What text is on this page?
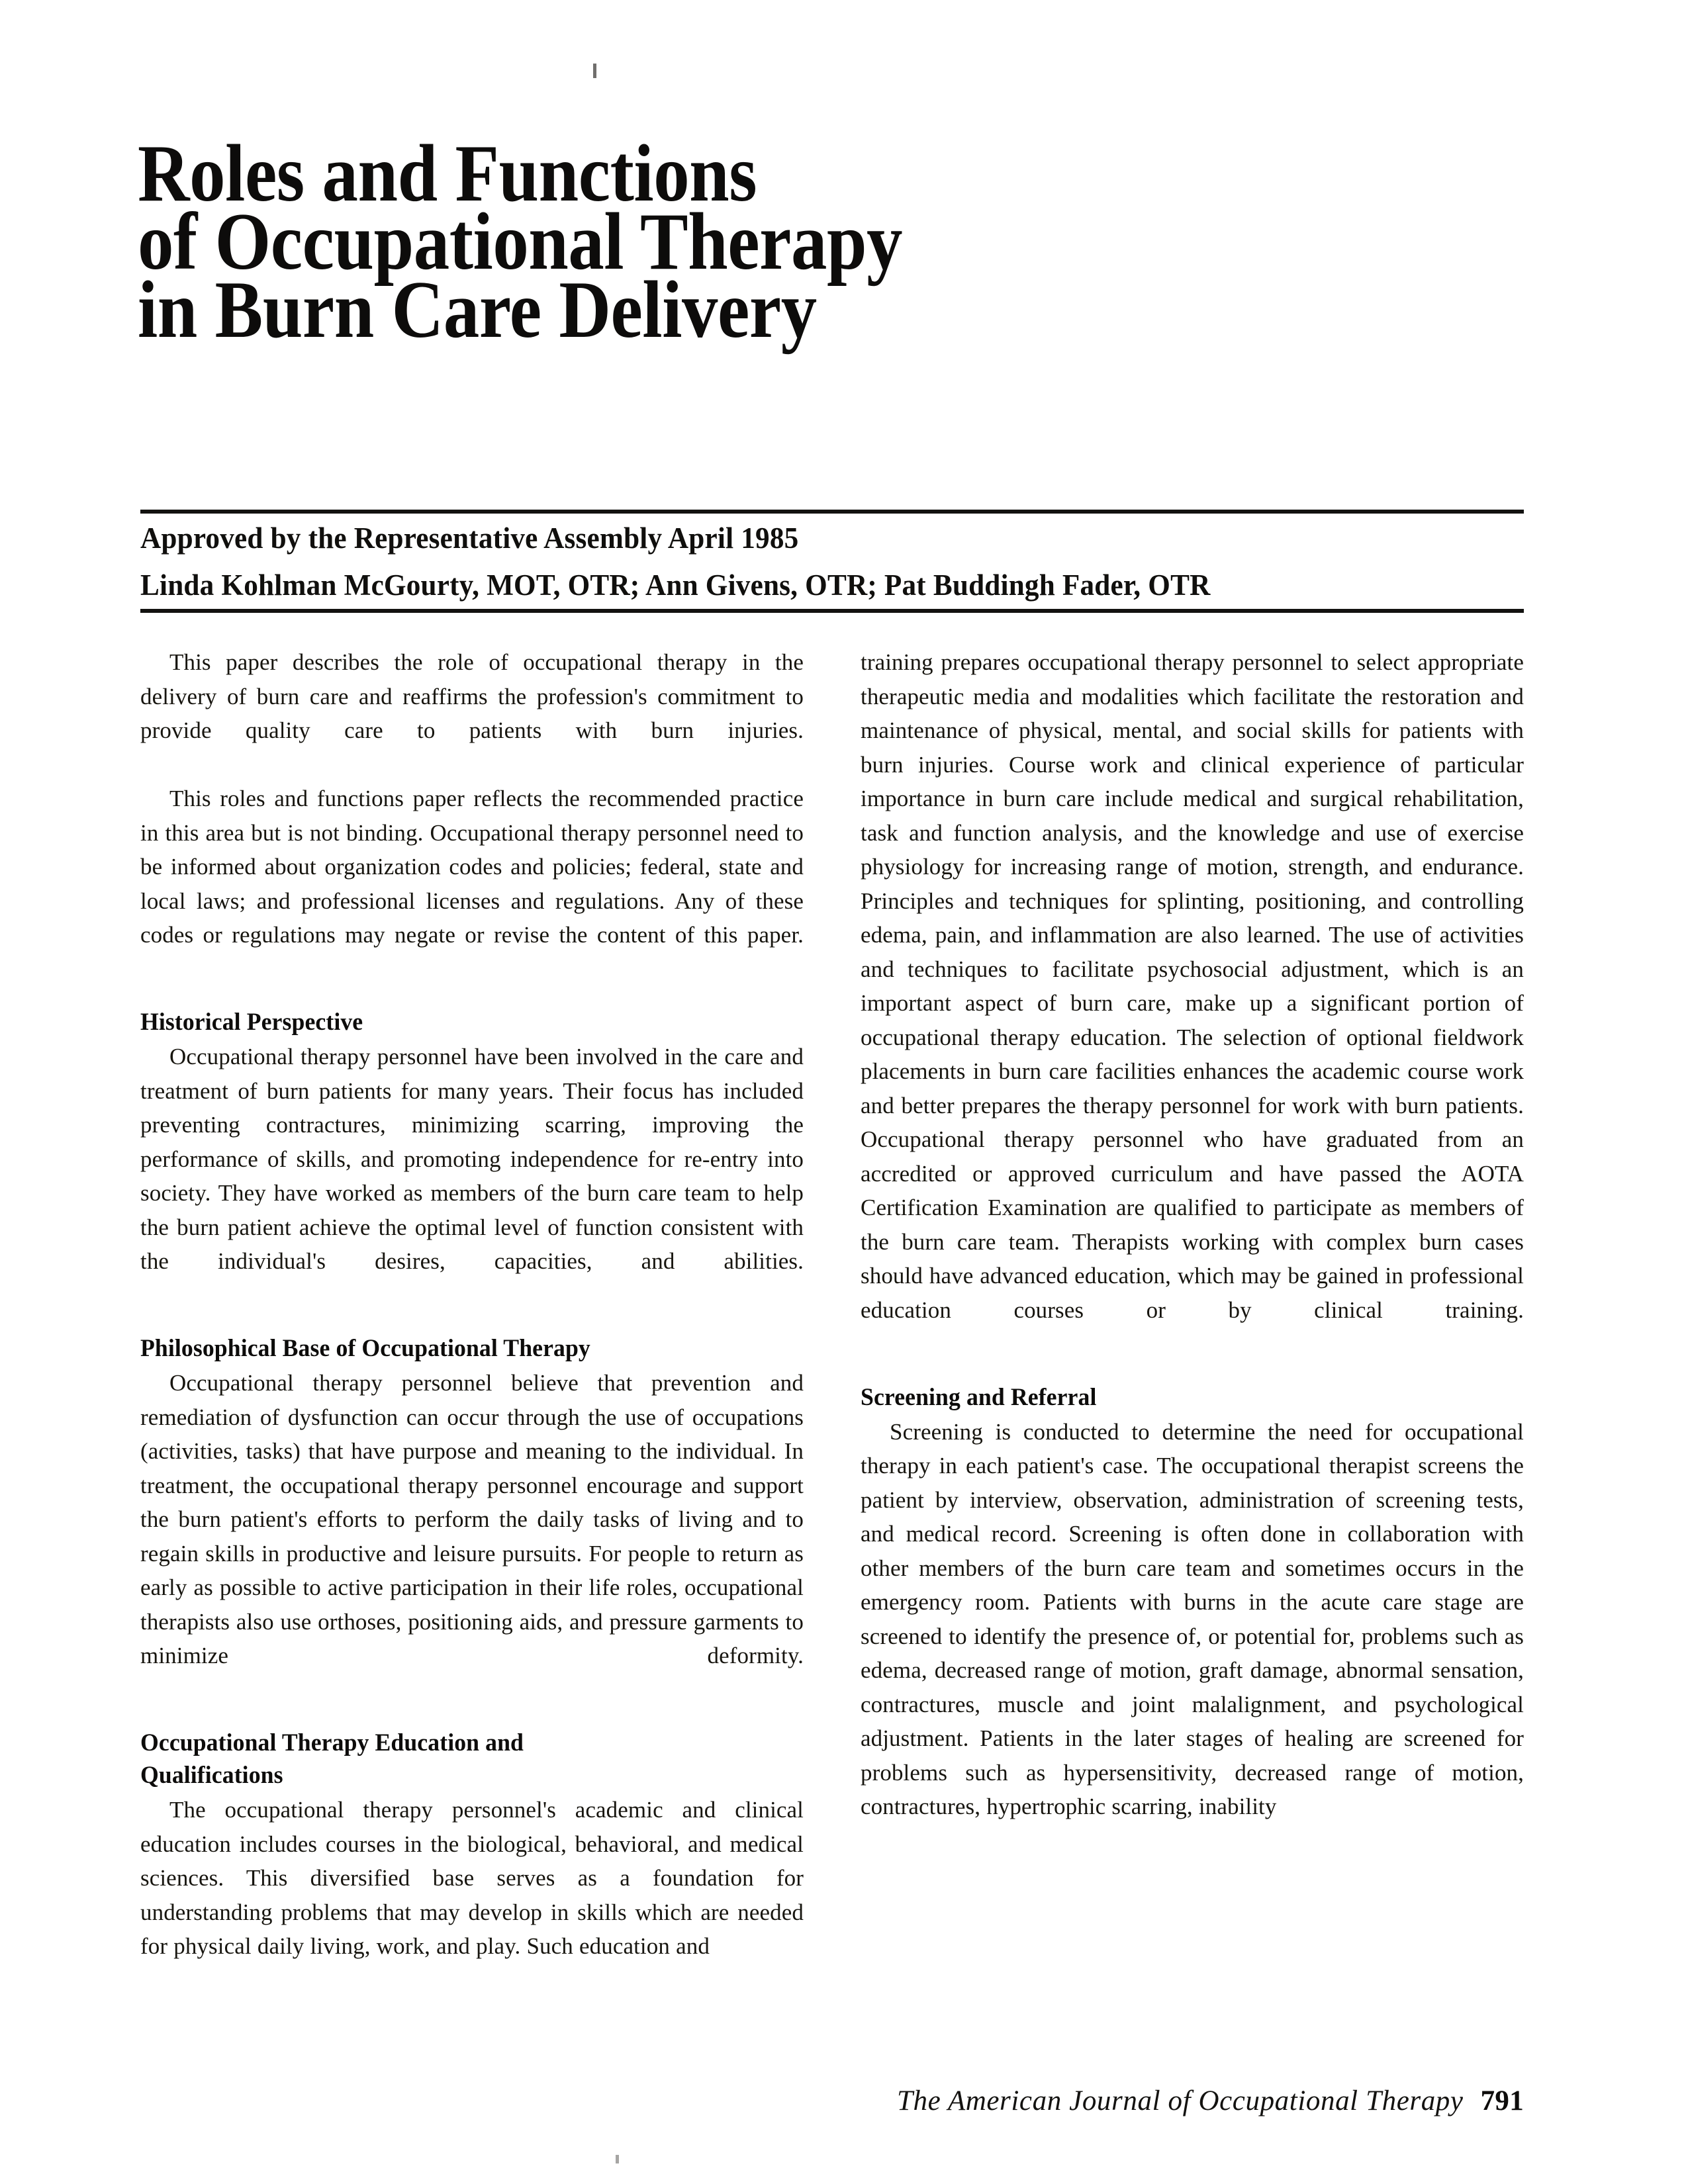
Roles and Functions
of Occupational Therapy
in Burn Care Delivery
Approved by the Representative Assembly April 1985
Linda Kohlman McGourty, MOT, OTR; Ann Givens, OTR; Pat Buddingh Fader, OTR

This paper describes the role of occupational therapy in the delivery of burn care and reaffirms the profession's commitment to provide quality care to patients with burn injuries.

This roles and functions paper reflects the recommended practice in this area but is not binding. Occupational therapy personnel need to be informed about organization codes and policies; federal, state and local laws; and professional licenses and regulations. Any of these codes or regulations may negate or revise the content of this paper.

Historical Perspective

Occupational therapy personnel have been involved in the care and treatment of burn patients for many years. Their focus has included preventing contractures, minimizing scarring, improving the performance of skills, and promoting independence for re-entry into society. They have worked as members of the burn care team to help the burn patient achieve the optimal level of function consistent with the individual's desires, capacities, and abilities.

Philosophical Base of Occupational Therapy

Occupational therapy personnel believe that prevention and remediation of dysfunction can occur through the use of occupations (activities, tasks) that have purpose and meaning to the individual. In treatment, the occupational therapy personnel encourage and support the burn patient's efforts to perform the daily tasks of living and to regain skills in productive and leisure pursuits. For people to return as early as possible to active participation in their life roles, occupational therapists also use orthoses, positioning aids, and pressure garments to minimize deformity.

Occupational Therapy Education and
Qualifications

The occupational therapy personnel's academic and clinical education includes courses in the biological, behavioral, and medical sciences. This diversified base serves as a foundation for understanding problems that may develop in skills which are needed for physical daily living, work, and play. Such education and

training prepares occupational therapy personnel to select appropriate therapeutic media and modalities which facilitate the restoration and maintenance of physical, mental, and social skills for patients with burn injuries. Course work and clinical experience of particular importance in burn care include medical and surgical rehabilitation, task and function analysis, and the knowledge and use of exercise physiology for increasing range of motion, strength, and endurance. Principles and techniques for splinting, positioning, and controlling edema, pain, and inflammation are also learned. The use of activities and techniques to facilitate psychosocial adjustment, which is an important aspect of burn care, make up a significant portion of occupational therapy education. The selection of optional fieldwork placements in burn care facilities enhances the academic course work and better prepares the therapy personnel for work with burn patients. Occupational therapy personnel who have graduated from an accredited or approved curriculum and have passed the AOTA Certification Examination are qualified to participate as members of the burn care team. Therapists working with complex burn cases should have advanced education, which may be gained in professional education courses or by clinical training.

Screening and Referral

Screening is conducted to determine the need for occupational therapy in each patient's case. The occupational therapist screens the patient by interview, observation, administration of screening tests, and medical record. Screening is often done in collaboration with other members of the burn care team and sometimes occurs in the emergency room. Patients with burns in the acute care stage are screened to identify the presence of, or potential for, problems such as edema, decreased range of motion, graft damage, abnormal sensation, contractures, muscle and joint malalignment, and psychological adjustment. Patients in the later stages of healing are screened for problems such as hypersensitivity, decreased range of motion, contractures, hypertrophic scarring, inability

The American Journal of Occupational Therapy 791
